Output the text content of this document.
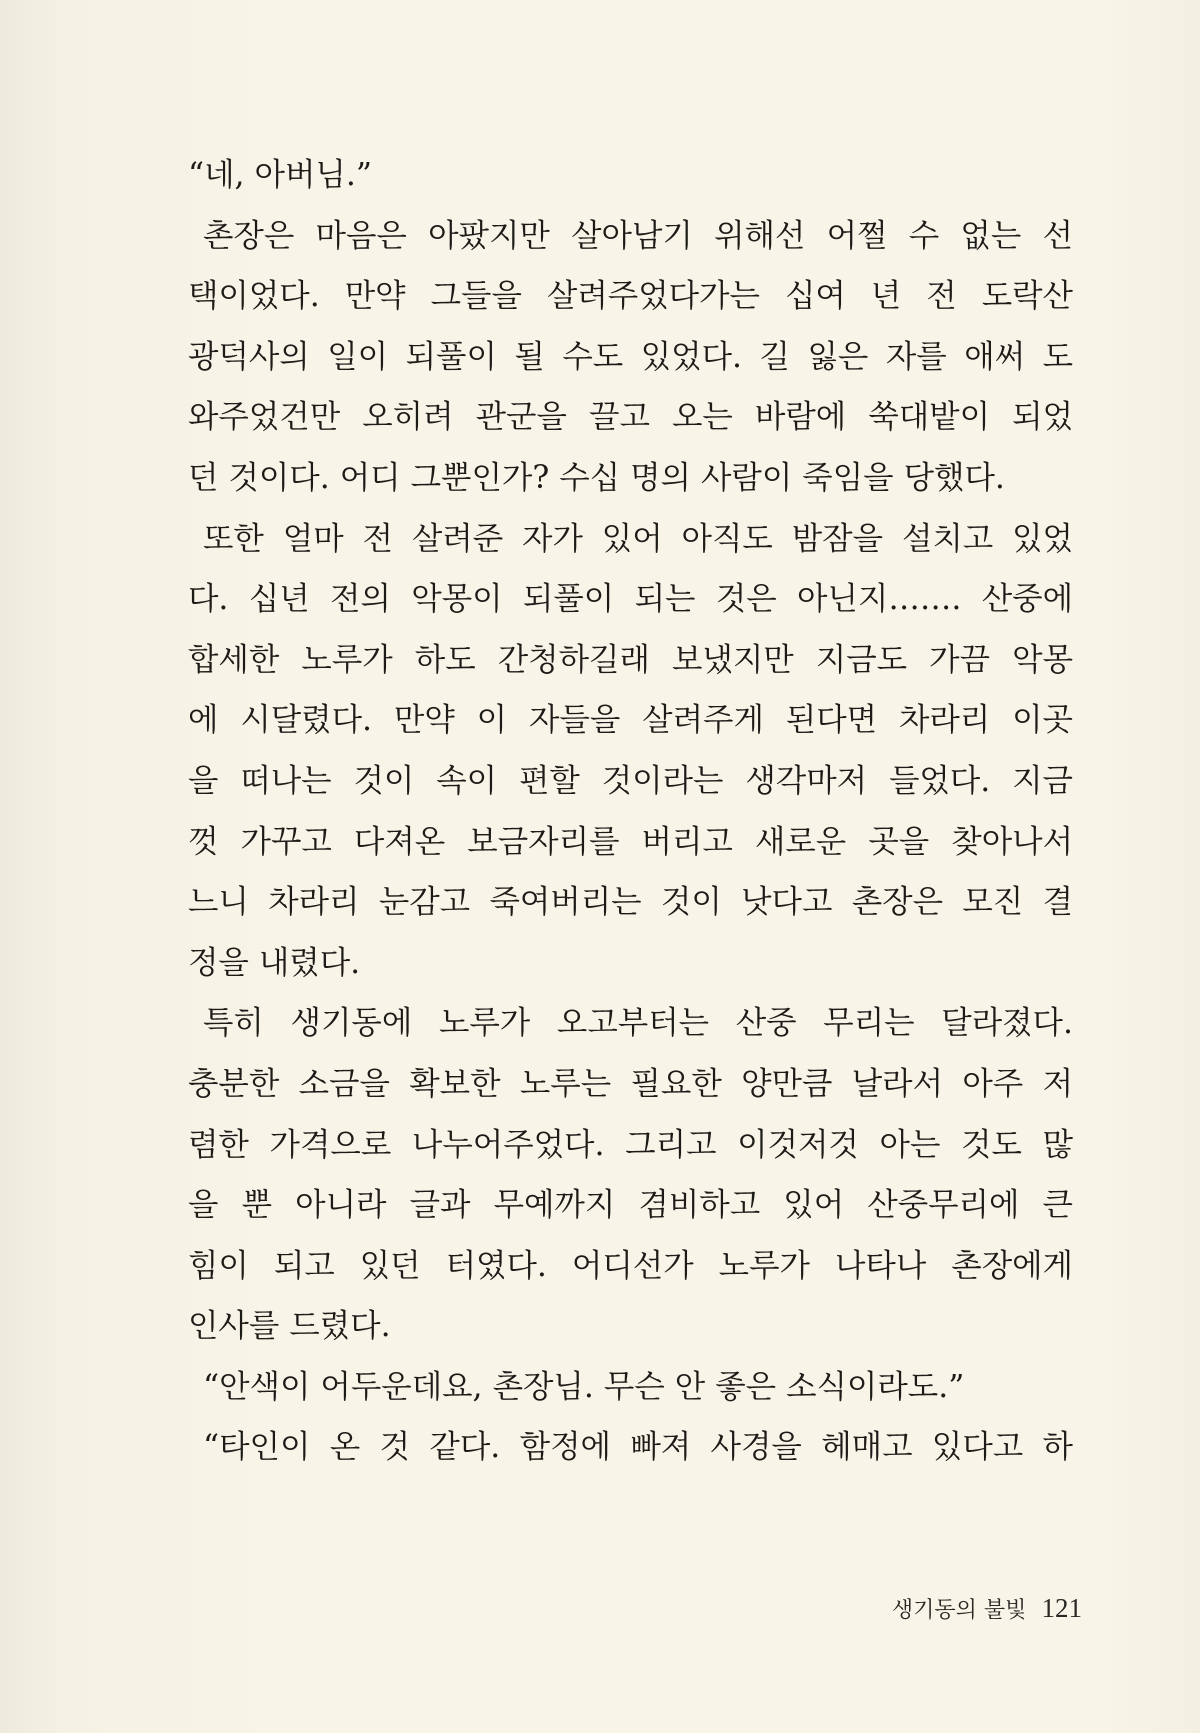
“네, 아버님.”
촌장은 마음은 아팠지만 살아남기 위해선 어쩔 수 없는 선
택이었다. 만약 그들을 살려주었다가는 십여 년 전 도락산
광덕사의 일이 되풀이 될 수도 있었다. 길 잃은 자를 애써 도
와주었건만 오히려 관군을 끌고 오는 바람에 쑥대밭이 되었
던 것이다. 어디 그뿐인가? 수십 명의 사람이 죽임을 당했다.
또한 얼마 전 살려준 자가 있어 아직도 밤잠을 설치고 있었
다. 십년 전의 악몽이 되풀이 되는 것은 아닌지……. 산중에
합세한 노루가 하도 간청하길래 보냈지만 지금도 가끔 악몽
에 시달렸다. 만약 이 자들을 살려주게 된다면 차라리 이곳
을 떠나는 것이 속이 편할 것이라는 생각마저 들었다. 지금
껏 가꾸고 다져온 보금자리를 버리고 새로운 곳을 찾아나서
느니 차라리 눈감고 죽여버리는 것이 낫다고 촌장은 모진 결
정을 내렸다.
특히 생기동에 노루가 오고부터는 산중 무리는 달라졌다.
충분한 소금을 확보한 노루는 필요한 양만큼 날라서 아주 저
렴한 가격으로 나누어주었다. 그리고 이것저것 아는 것도 많
을 뿐 아니라 글과 무예까지 겸비하고 있어 산중무리에 큰
힘이 되고 있던 터였다. 어디선가 노루가 나타나 촌장에게
인사를 드렸다.
“안색이 어두운데요, 촌장님. 무슨 안 좋은 소식이라도.”
“타인이 온 것 같다. 함정에 빠져 사경을 헤매고 있다고 하
생기동의 불빛 121
